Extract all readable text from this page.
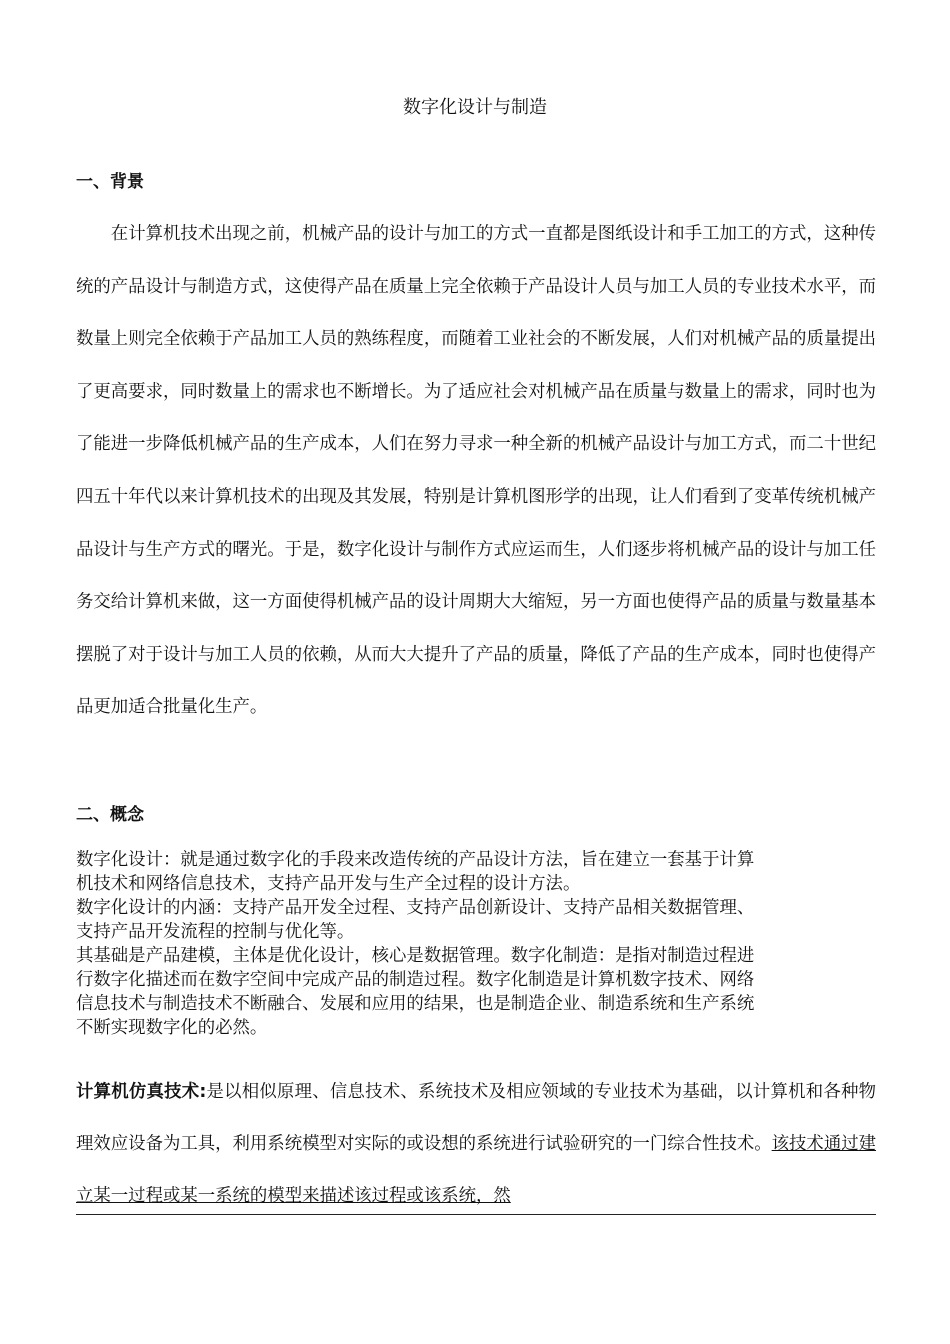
数字化设计与制造
一、背景

在计算机技术出现之前，机械产品的设计与加工的方式一直都是图纸设计和手工加工的方式，这种传统的产品设计与制造方式，这使得产品在质量上完全依赖于产品设计人员与加工人员的专业技术水平，而数量上则完全依赖于产品加工人员的熟练程度，而随着工业社会的不断发展，人们对机械产品的质量提出了更高要求，同时数量上的需求也不断增长。为了适应社会对机械产品在质量与数量上的需求，同时也为了能进一步降低机械产品的生产成本，人们在努力寻求一种全新的机械产品设计与加工方式，而二十世纪四五十年代以来计算机技术的出现及其发展，特别是计算机图形学的出现，让人们看到了变革传统机械产品设计与生产方式的曙光。于是，数字化设计与制作方式应运而生，人们逐步将机械产品的设计与加工任务交给计算机来做，这一方面使得机械产品的设计周期大大缩短，另一方面也使得产品的质量与数量基本摆脱了对于设计与加工人员的依赖，从而大大提升了产品的质量，降低了产品的生产成本，同时也使得产品更加适合批量化生产。

二、概念

数字化设计：就是通过数字化的手段来改造传统的产品设计方法，旨在建立一套基于计算

机技术和网络信息技术，支持产品开发与生产全过程的设计方法。

数字化设计的内涵：支持产品开发全过程、支持产品创新设计、支持产品相关数据管理、

支持产品开发流程的控制与优化等。

其基础是产品建模，主体是优化设计，核心是数据管理。数字化制造：是指对制造过程进

行数字化描述而在数字空间中完成产品的制造过程。数字化制造是计算机数字技术、网络

信息技术与制造技术不断融合、发展和应用的结果，也是制造企业、制造系统和生产系统

不断实现数字化的必然。

计算机仿真技术:是以相似原理、信息技术、系统技术及相应领域的专业技术为基础，以计算机和各种物理效应设备为工具，利用系统模型对实际的或设想的系统进行试验研究的一门综合性技术。该技术通过建立某一过程或某一系统的模型来描述该过程或该系统，然
